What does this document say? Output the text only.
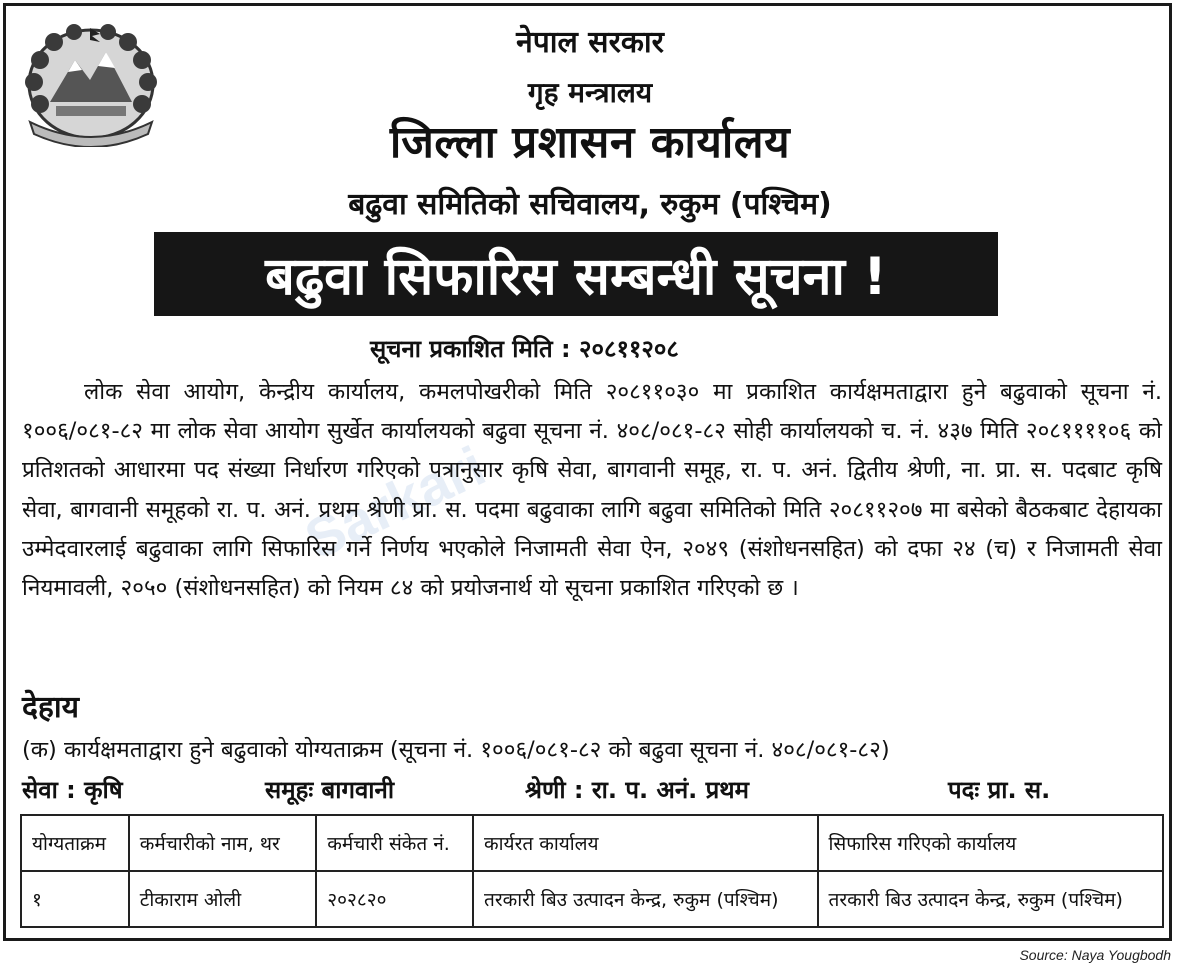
नेपाल सरकार
गृह मन्त्रालय
जिल्ला प्रशासन कार्यालय
बढुवा समितिको सचिवालय, रुकुम (पश्चिम)
बढुवा सिफारिस सम्बन्धी सूचना !
सूचना प्रकाशित मिति : २०८११२०८
लोक सेवा आयोग, केन्द्रीय कार्यालय, कमलपोखरीको मिति २०८११०३० मा प्रकाशित कार्यक्षमताद्वारा हुने बढुवाको सूचना नं. १००६/०८१-८२ मा लोक सेवा आयोग सुर्खेत कार्यालयको बढुवा सूचना नं. ४०८/०८१-८२ सोही कार्यालयको च. नं. ४३७ मिति २०८११११०६ को प्रतिशतको आधारमा पद संख्या निर्धारण गरिएको पत्रानुसार कृषि सेवा, बागवानी समूह, रा. प. अनं. द्वितीय श्रेणी, ना. प्रा. स. पदबाट कृषि सेवा, बागवानी समूहको रा. प. अनं. प्रथम श्रेणी प्रा. स. पदमा बढुवाका लागि बढुवा समितिको मिति २०८११२०७ मा बसेको बैठकबाट देहायका उम्मेदवारलाई बढुवाका लागि सिफारिस गर्ने निर्णय भएकोले निजामती सेवा ऐन, २०४९ (संशोधनसहित) को दफा २४ (च) र निजामती सेवा नियमावली, २०५० (संशोधनसहित) को नियम ८४ को प्रयोजनार्थ यो सूचना प्रकाशित गरिएको छ ।
देहाय
(क) कार्यक्षमताद्वारा हुने बढुवाको योग्यताक्रम (सूचना नं. १००६/०८१-८२ को बढुवा सूचना नं. ४०८/०८१-८२)
सेवा : कृषि	समूहः बागवानी	श्रेणी : रा. प. अनं. प्रथम	पदः प्रा. स.
योग्यताक्रम	कर्मचारीको नाम, थर	कर्मचारी संकेत नं.	कार्यरत कार्यालय	सिफारिस गरिएको कार्यालय
१	टीकाराम ओली	२०२८२०	तरकारी बिउ उत्पादन केन्द्र, रुकुम (पश्चिम)	तरकारी बिउ उत्पादन केन्द्र, रुकुम (पश्चिम)
Source: Naya Yougbodh
